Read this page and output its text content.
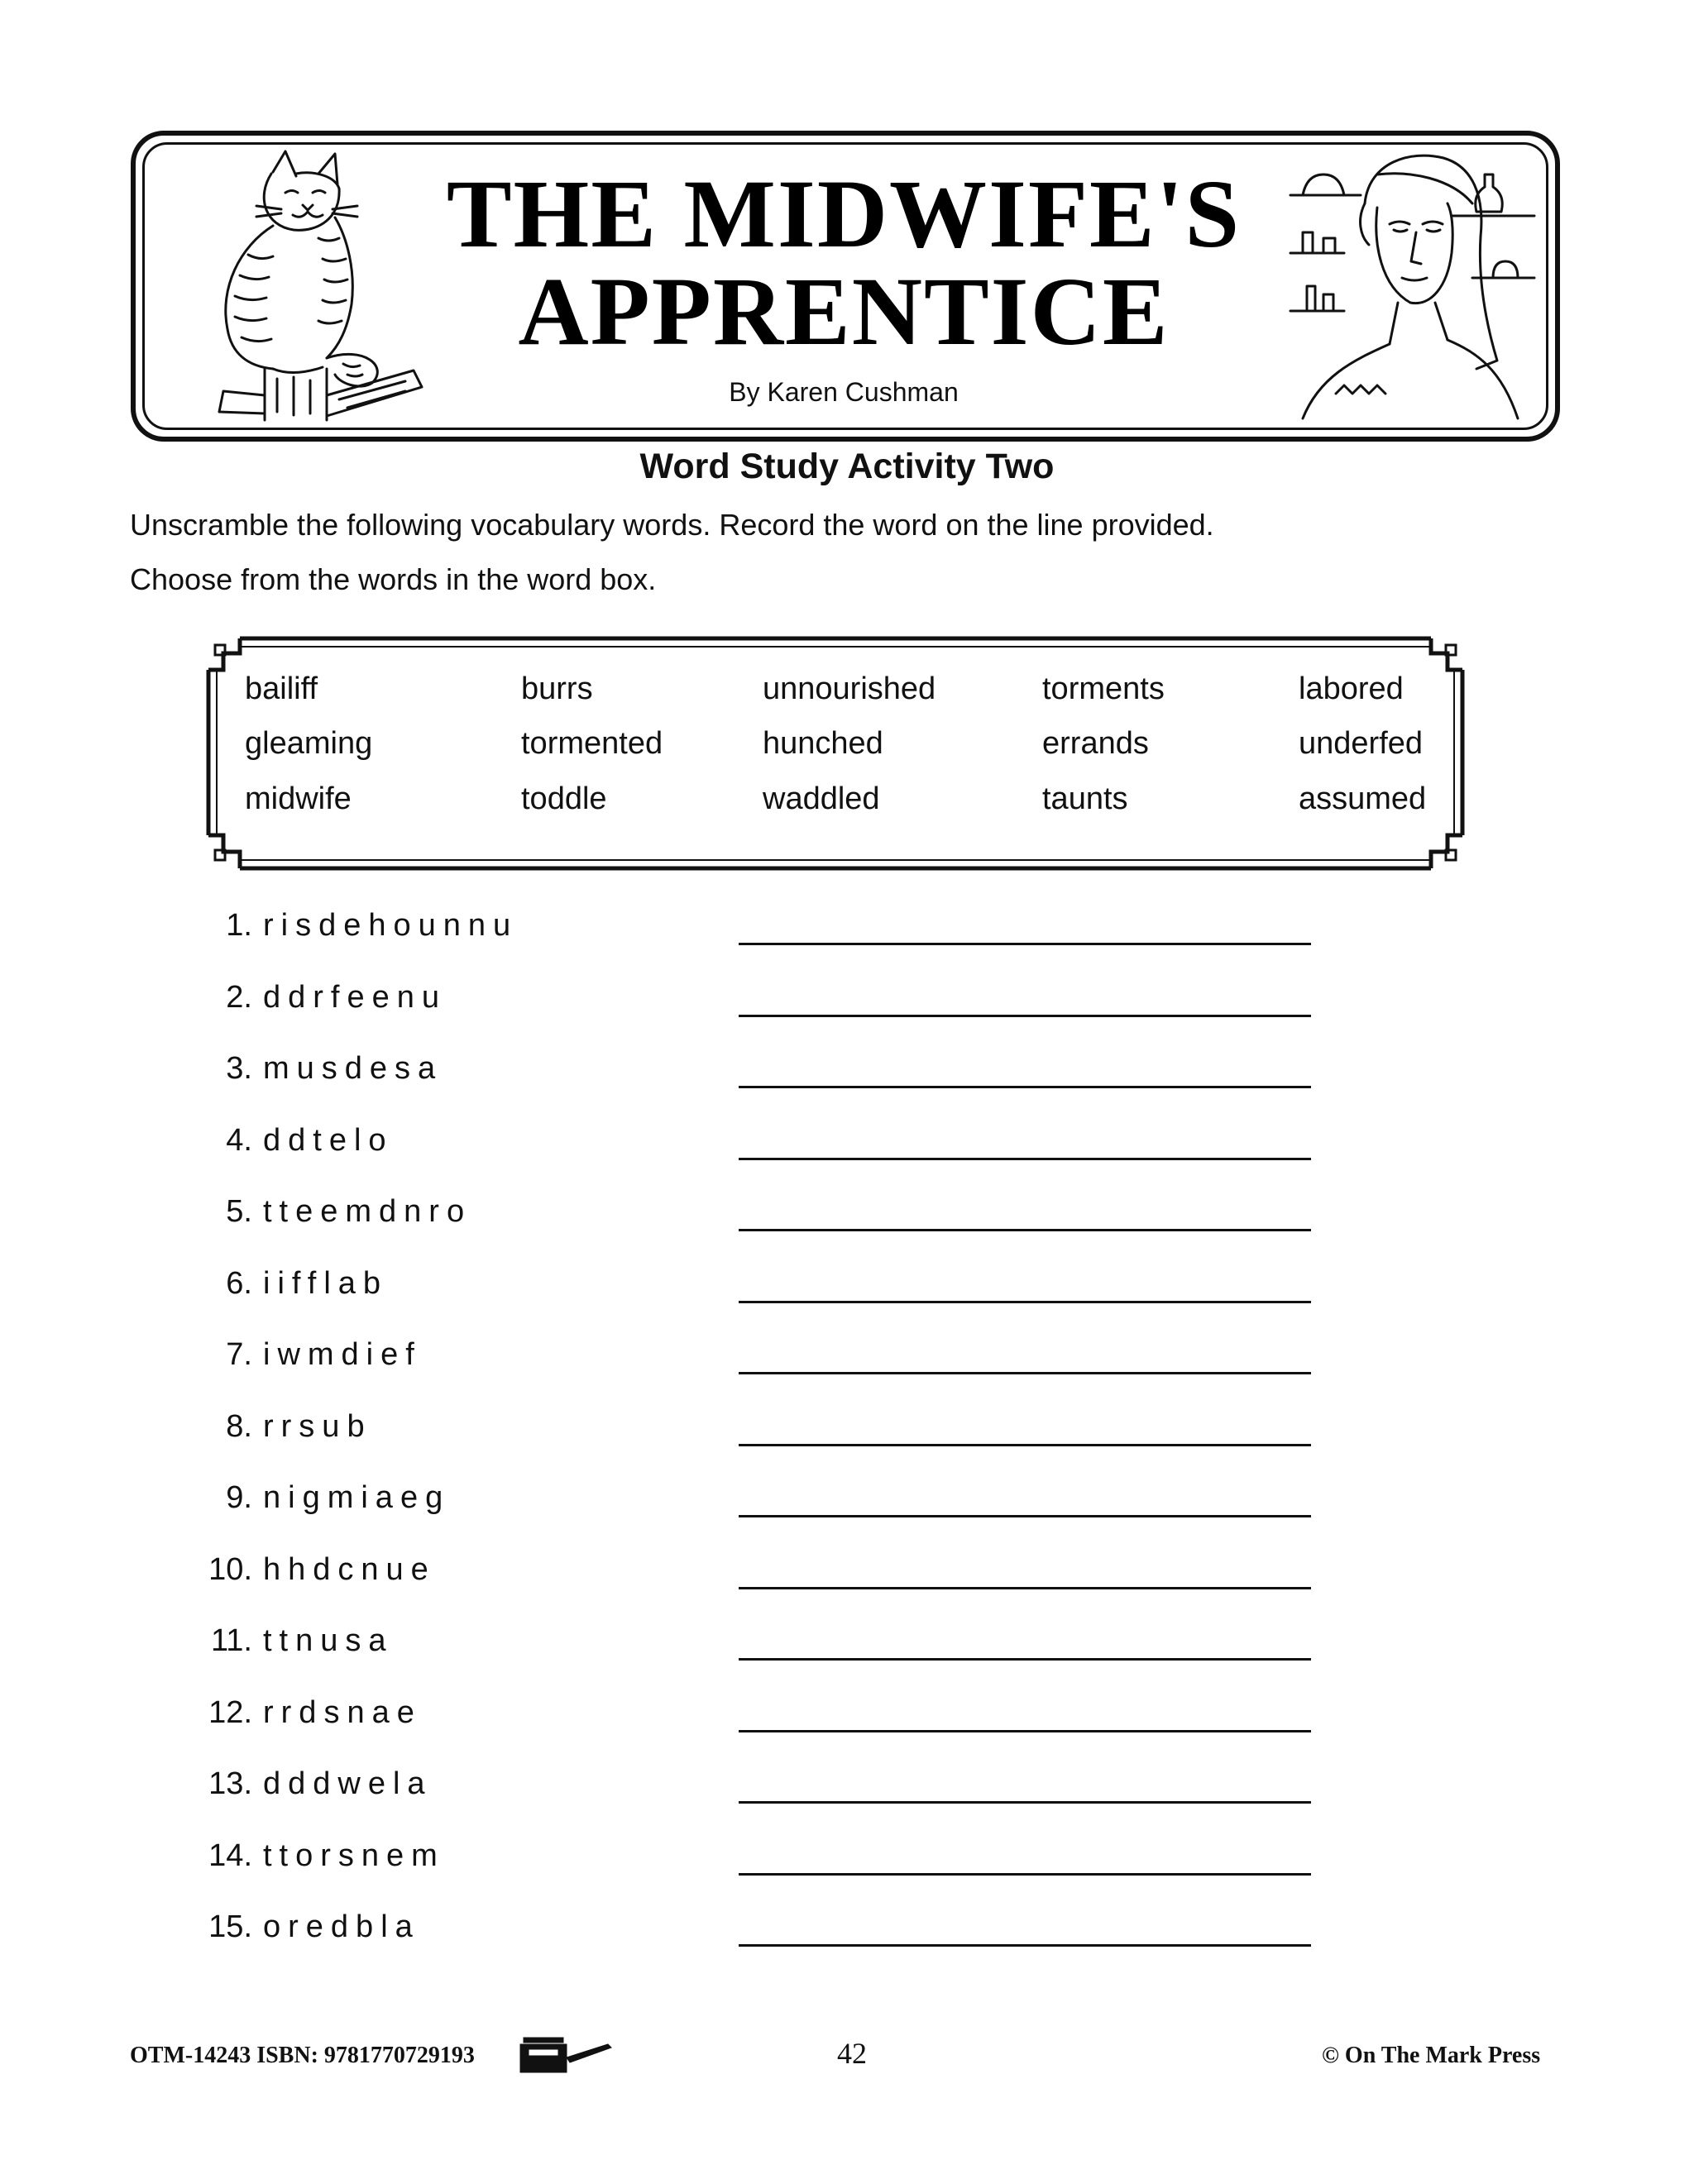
THE MIDWIFE'S
APPRENTICE
By Karen Cushman
Word Study Activity Two
Unscramble the following vocabulary words. Record the word on the line provided.
Choose from the words in the word box.
bailiff	burrs	unnourished	torments	labored
gleaming	tormented	hunched	errands	underfed
midwife	toddle	waddled	taunts	assumed
1. risdehounnu
2. ddrfeenu
3. musdesa
4. ddtelo
5. tteemdnro
6. iifflab
7. iwmdief
8. rrsub
9. nigmiaeg
10. hhdcnue
11. ttnusa
12. rrdsnae
13. dddwela
14. ttorsnem
15. oredbla
OTM-14243 ISBN: 9781770729193	42	© On The Mark Press
